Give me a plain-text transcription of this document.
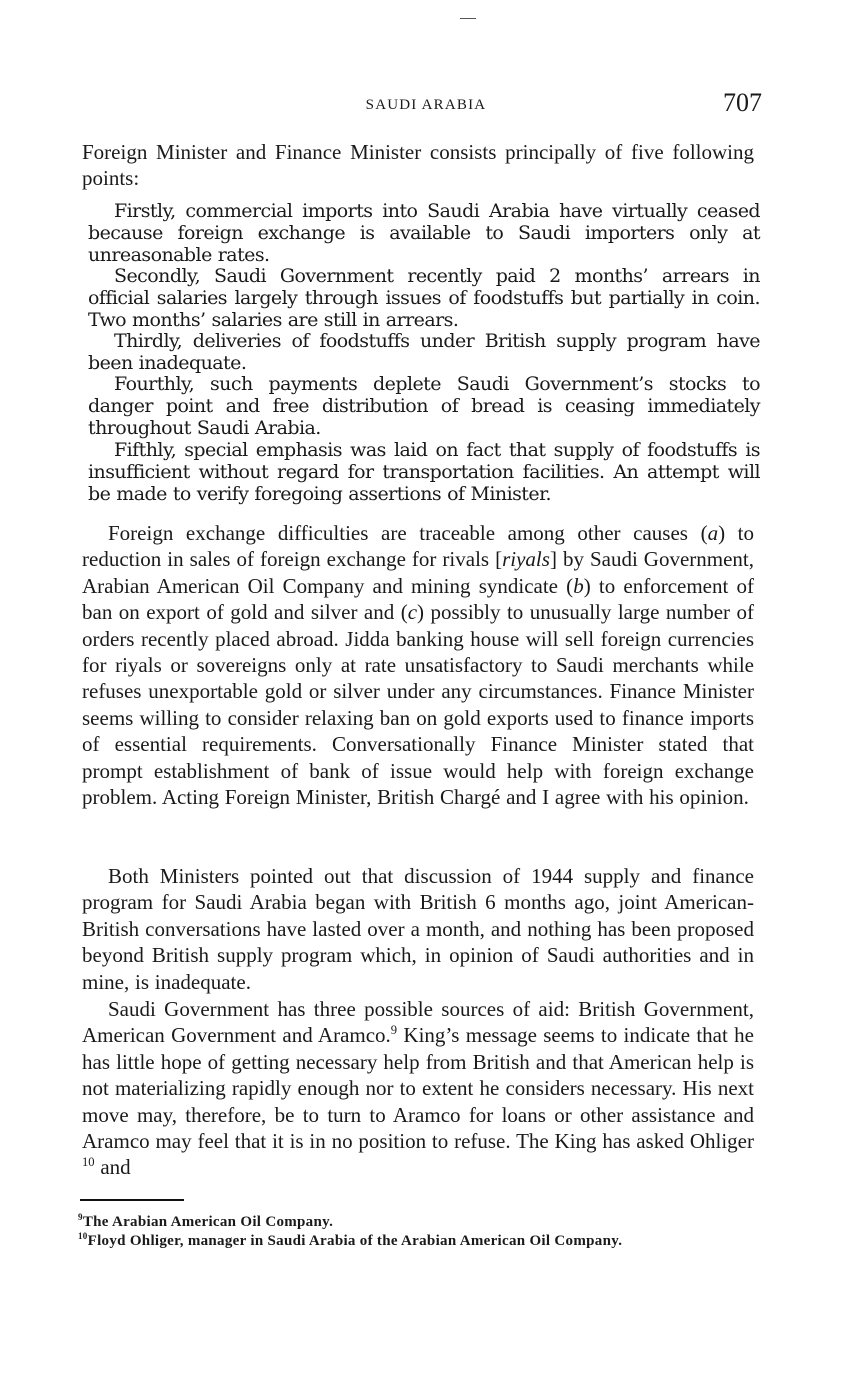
SAUDI ARABIA	707

Foreign Minister and Finance Minister consists principally of five following points:

Firstly, commercial imports into Saudi Arabia have virtually ceased because foreign exchange is available to Saudi importers only at unreasonable rates.

Secondly, Saudi Government recently paid 2 months’ arrears in official salaries largely through issues of foodstuffs but partially in coin. Two months’ salaries are still in arrears.

Thirdly, deliveries of foodstuffs under British supply program have been inadequate.

Fourthly, such payments deplete Saudi Government’s stocks to danger point and free distribution of bread is ceasing immediately throughout Saudi Arabia.

Fifthly, special emphasis was laid on fact that supply of foodstuffs is insufficient without regard for transportation facilities. An attempt will be made to verify foregoing assertions of Minister.

Foreign exchange difficulties are traceable among other causes (a) to reduction in sales of foreign exchange for rivals [riyals] by Saudi Government, Arabian American Oil Company and mining syndicate (b) to enforcement of ban on export of gold and silver and (c) possibly to unusually large number of orders recently placed abroad. Jidda banking house will sell foreign currencies for riyals or sovereigns only at rate unsatisfactory to Saudi merchants while refuses unexportable gold or silver under any circumstances. Finance Minister seems willing to consider relaxing ban on gold exports used to finance imports of essential requirements. Conversationally Finance Minister stated that prompt establishment of bank of issue would help with foreign exchange problem. Acting Foreign Minister, British Chargé and I agree with his opinion.

Both Ministers pointed out that discussion of 1944 supply and finance program for Saudi Arabia began with British 6 months ago, joint American-British conversations have lasted over a month, and nothing has been proposed beyond British supply program which, in opinion of Saudi authorities and in mine, is inadequate.

Saudi Government has three possible sources of aid: British Government, American Government and Aramco.$^9$ King’s message seems to indicate that he has little hope of getting necessary help from British and that American help is not materializing rapidly enough nor to extent he considers necessary. His next move may, therefore, be to turn to Aramco for loans or other assistance and Aramco may feel that it is in no position to refuse. The King has asked Ohliger $^{10}$ and

$^9$The Arabian American Oil Company.

$^{10}$Floyd Ohliger, manager in Saudi Arabia of the Arabian American Oil Company.
